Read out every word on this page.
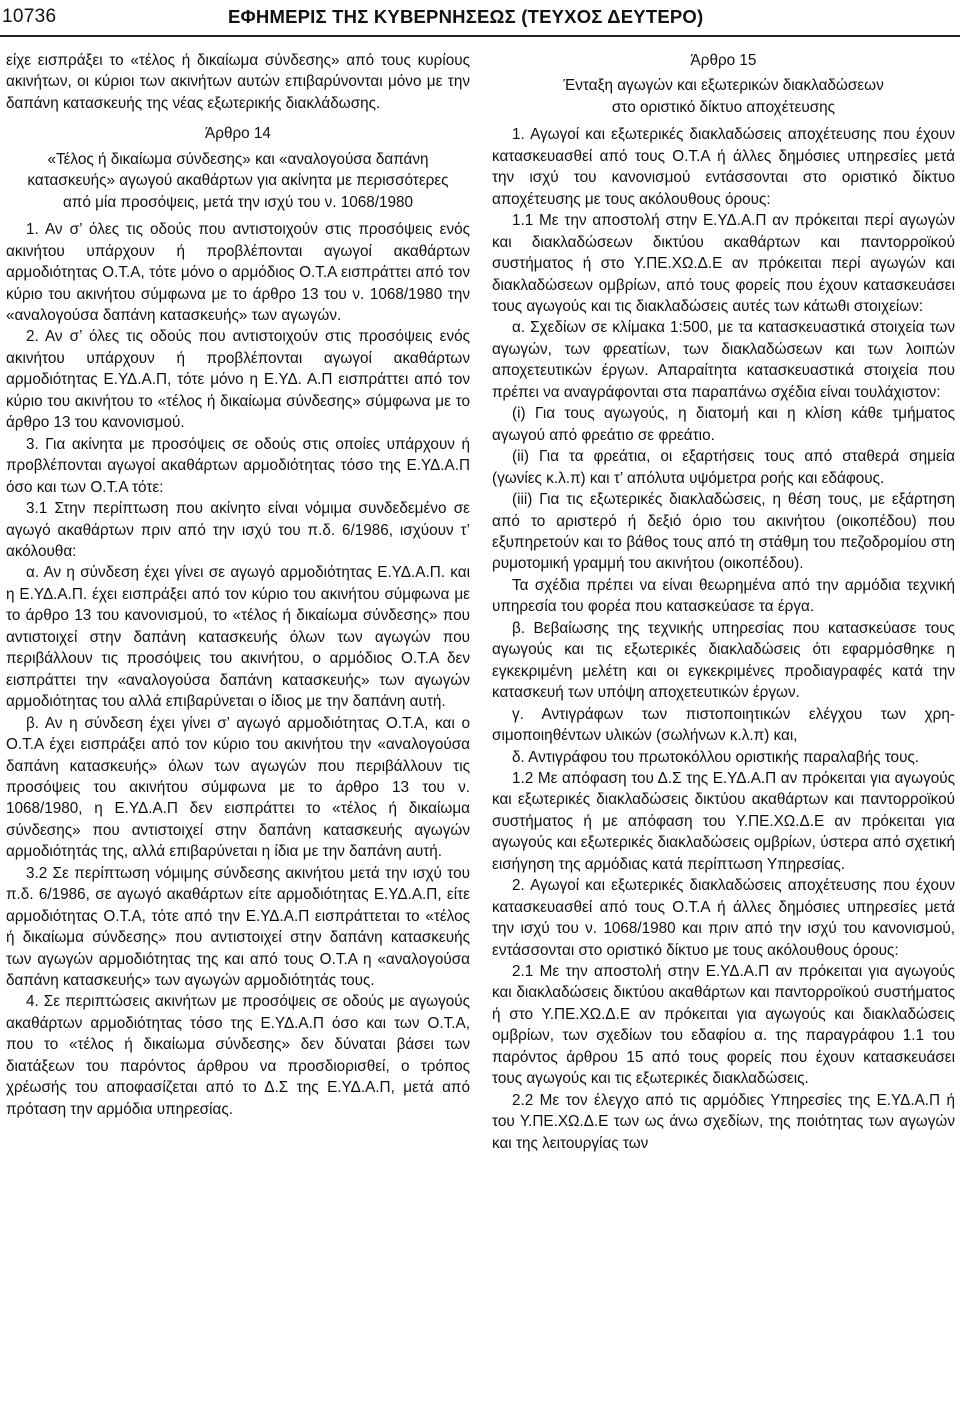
10736	ΕΦΗΜΕΡΙΣ ΤΗΣ ΚΥΒΕΡΝΗΣΕΩΣ (ΤΕΥΧΟΣ ΔΕΥΤΕΡΟ)

είχε εισπράξει το «τέλος ή δικαίωμα σύνδεσης» από τους κυρίους ακινήτων, οι κύριοι των ακινήτων αυτών επιβαρύνονται μόνο με την δαπάνη κατασκευής της νέας εξωτερικής διακλάδωσης.

Άρθρο 14

«Τέλος ή δικαίωμα σύνδεσης» και «αναλογούσα δαπάνη κατασκευής» αγωγού ακαθάρτων για ακίνητα με περισσότερες από μία προσόψεις, μετά την ισχύ του ν. 1068/1980

1. Αν σ’ όλες τις οδούς που αντιστοιχούν στις προσόψεις ενός ακινήτου υπάρχουν ή προβλέπονται αγωγοί ακαθάρτων αρμοδιότητας Ο.Τ.Α, τότε μόνο ο αρμόδιος Ο.Τ.Α εισπράττει από τον κύριο του ακινήτου σύμφωνα με το άρθρο 13 του ν. 1068/1980 την «αναλογούσα δαπάνη κατασκευής» των αγωγών.

2. Αν σ’ όλες τις οδούς που αντιστοιχούν στις προσόψεις ενός ακινήτου υπάρχουν ή προβλέπονται αγωγοί ακαθάρτων αρμοδιότητας Ε.ΥΔ.Α.Π, τότε μόνο η Ε.ΥΔ. Α.Π εισπράττει από τον κύριο του ακινήτου το «τέλος ή δικαίωμα σύνδεσης» σύμφωνα με το άρθρο 13 του κανονισμού.

3. Για ακίνητα με προσόψεις σε οδούς στις οποίες υπάρχουν ή προβλέπονται αγωγοί ακαθάρτων αρμοδιότητας τόσο της Ε.ΥΔ.Α.Π όσο και των Ο.Τ.Α τότε:

3.1 Στην περίπτωση που ακίνητο είναι νόμιμα συνδεδεμένο σε αγωγό ακαθάρτων πριν από την ισχύ του π.δ. 6/1986, ισχύουν τ’ ακόλουθα:

α. Αν η σύνδεση έχει γίνει σε αγωγό αρμοδιότητας Ε.ΥΔ.Α.Π. και η Ε.ΥΔ.Α.Π. έχει εισπράξει από τον κύριο του ακινήτου σύμφωνα με το άρθρο 13 του κανονισμού, το «τέλος ή δικαίωμα σύνδεσης» που αντιστοιχεί στην δαπάνη κατασκευής όλων των αγωγών που περιβάλλουν τις προσόψεις του ακινήτου, ο αρμόδιος Ο.Τ.Α δεν εισπράττει την «αναλογούσα δαπάνη κατασκευής» των αγωγών αρμοδιότητας του αλλά επιβαρύνεται ο ίδιος με την δαπάνη αυτή.

β. Αν η σύνδεση έχει γίνει σ’ αγωγό αρμοδιότητας Ο.Τ.Α, και ο Ο.Τ.Α έχει εισπράξει από τον κύριο του ακινήτου την «αναλογούσα δαπάνη κατασκευής» όλων των αγωγών που περιβάλλουν τις προσόψεις του ακινήτου σύμφωνα με το άρθρο 13 του ν. 1068/1980, η Ε.ΥΔ.Α.Π δεν εισπράττει το «τέλος ή δικαίωμα σύνδεσης» που αντιστοιχεί στην δαπάνη κατασκευής αγωγών αρμοδιότητάς της, αλλά επιβαρύνεται η ίδια με την δαπάνη αυτή.

3.2 Σε περίπτωση νόμιμης σύνδεσης ακινήτου μετά την ισχύ του π.δ. 6/1986, σε αγωγό ακαθάρτων είτε αρμοδιότητας Ε.ΥΔ.Α.Π, είτε αρμοδιότητας Ο.Τ.Α, τότε από την Ε.ΥΔ.Α.Π εισπράττεται το «τέλος ή δικαίωμα σύνδεσης» που αντιστοιχεί στην δαπάνη κατασκευής των αγωγών αρμοδιότητας της και από τους Ο.Τ.Α η «αναλογούσα δαπάνη κατασκευής» των αγωγών αρμοδιότητάς τους.

4. Σε περιπτώσεις ακινήτων με προσόψεις σε οδούς με αγωγούς ακαθάρτων αρμοδιότητας τόσο της Ε.ΥΔ.Α.Π όσο και των Ο.Τ.Α, που το «τέλος ή δικαίωμα σύνδεσης» δεν δύναται βάσει των διατάξεων του παρόντος άρθρου να προσδιορισθεί, ο τρόπος χρέωσής του αποφασίζεται από το Δ.Σ της Ε.ΥΔ.Α.Π, μετά από πρόταση την αρμόδια υπηρεσίας.

Άρθρο 15

Ένταξη αγωγών και εξωτερικών διακλαδώσεων στο οριστικό δίκτυο αποχέτευσης

1. Αγωγοί και εξωτερικές διακλαδώσεις αποχέτευσης που έχουν κατασκευασθεί από τους Ο.Τ.Α ή άλλες δημόσιες υπηρεσίες μετά την ισχύ του κανονισμού εντάσσονται στο οριστικό δίκτυο αποχέτευσης με τους ακόλουθους όρους:

1.1 Με την αποστολή στην Ε.ΥΔ.Α.Π αν πρόκειται περί αγωγών και διακλαδώσεων δικτύου ακαθάρτων και παντορροϊκού συστήματος ή στο Υ.ΠΕ.ΧΩ.Δ.Ε αν πρόκειται περί αγωγών και διακλαδώσεων ομβρίων, από τους φορείς που έχουν κατασκευάσει τους αγωγούς και τις διακλαδώσεις αυτές των κάτωθι στοιχείων:

α. Σχεδίων σε κλίμακα 1:500, με τα κατασκευαστικά στοιχεία των αγωγών, των φρεατίων, των διακλαδώσεων και των λοιπών αποχετευτικών έργων. Απαραίτητα κατασκευαστικά στοιχεία που πρέπει να αναγράφονται στα παραπάνω σχέδια είναι τουλάχιστον:

(i) Για τους αγωγούς, η διατομή και η κλίση κάθε τμήματος αγωγού από φρεάτιο σε φρεάτιο.

(ii) Για τα φρεάτια, οι εξαρτήσεις τους από σταθερά σημεία (γωνίες κ.λ.π) και τ’ απόλυτα υψόμετρα ροής και εδάφους.

(iii) Για τις εξωτερικές διακλαδώσεις, η θέση τους, με εξάρτηση από το αριστερό ή δεξιό όριο του ακινήτου (οικοπέδου) που εξυπηρετούν και το βάθος τους από τη στάθμη του πεζοδρομίου στη ρυμοτομική γραμμή του ακινήτου (οικοπέδου).

Τα σχέδια πρέπει να είναι θεωρημένα από την αρμόδια τεχνική υπηρεσία του φορέα που κατασκεύασε τα έργα.

β. Βεβαίωσης της τεχνικής υπηρεσίας που κατασκεύασε τους αγωγούς και τις εξωτερικές διακλαδώσεις ότι εφαρμόσθηκε η εγκεκριμένη μελέτη και οι εγκεκριμένες προδιαγραφές κατά την κατασκευή των υπόψη αποχετευτικών έργων.

γ. Αντιγράφων των πιστοποιητικών ελέγχου των χρησιμοποιηθέντων υλικών (σωλήνων κ.λ.π) και,

δ. Αντιγράφου του πρωτοκόλλου οριστικής παραλαβής τους.

1.2 Με απόφαση του Δ.Σ της Ε.ΥΔ.Α.Π αν πρόκειται για αγωγούς και εξωτερικές διακλαδώσεις δικτύου ακαθάρτων και παντορροϊκού συστήματος ή με απόφαση του Υ.ΠΕ.ΧΩ.Δ.Ε αν πρόκειται για αγωγούς και εξωτερικές διακλαδώσεις ομβρίων, ύστερα από σχετική εισήγηση της αρμόδιας κατά περίπτωση Υπηρεσίας.

2. Αγωγοί και εξωτερικές διακλαδώσεις αποχέτευσης που έχουν κατασκευασθεί από τους Ο.Τ.Α ή άλλες δημόσιες υπηρεσίες μετά την ισχύ του ν. 1068/1980 και πριν από την ισχύ του κανονισμού, εντάσσονται στο οριστικό δίκτυο με τους ακόλουθους όρους:

2.1 Με την αποστολή στην Ε.ΥΔ.Α.Π αν πρόκειται για αγωγούς και διακλαδώσεις δικτύου ακαθάρτων και παντορροϊκού συστήματος ή στο Υ.ΠΕ.ΧΩ.Δ.Ε αν πρόκειται για αγωγούς και διακλαδώσεις ομβρίων, των σχεδίων του εδαφίου α. της παραγράφου 1.1 του παρόντος άρθρου 15 από τους φορείς που έχουν κατασκευάσει τους αγωγούς και τις εξωτερικές διακλαδώσεις.

2.2 Με τον έλεγχο από τις αρμόδιες Υπηρεσίες της Ε.ΥΔ.Α.Π ή του Υ.ΠΕ.ΧΩ.Δ.Ε των ως άνω σχεδίων, της ποιότητας των αγωγών και της λειτουργίας των
